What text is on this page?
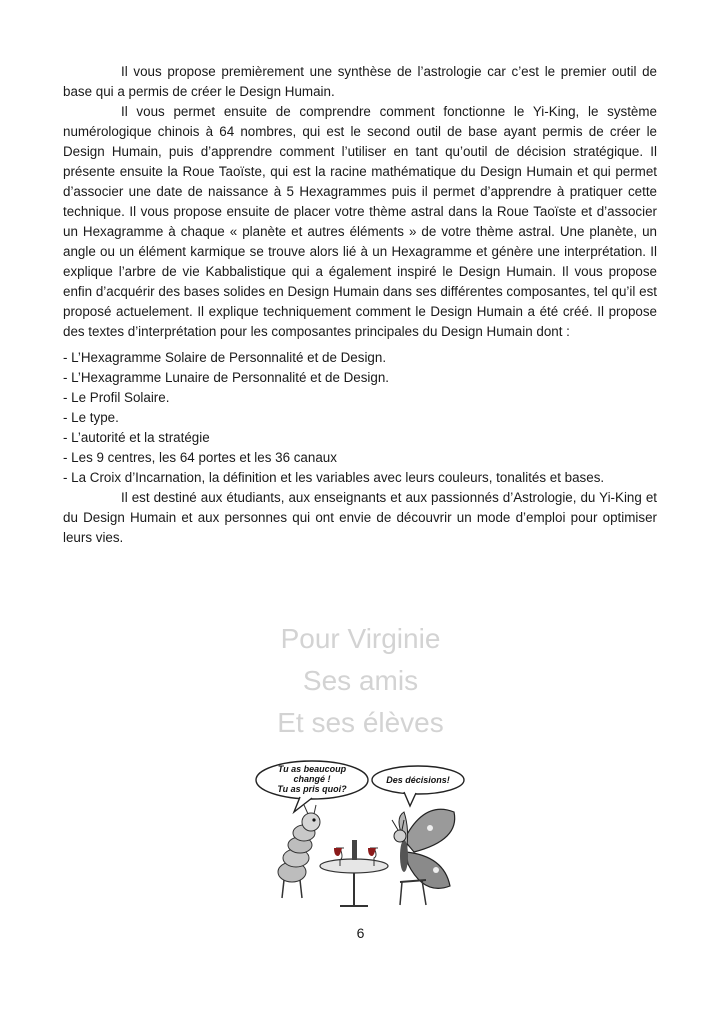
Il vous propose premièrement une synthèse de l’astrologie car c’est le premier outil de base qui a permis de créer le Design Humain.

Il vous permet ensuite de comprendre comment fonctionne le Yi-King, le système numérologique chinois à 64 nombres, qui est le second outil de base ayant permis de créer le Design Humain, puis d’apprendre comment l’utiliser en tant qu’outil de décision stratégique. Il présente ensuite la Roue Taoïste, qui est la racine mathématique du Design Humain et qui permet d’associer une date de naissance à 5 Hexagrammes puis il permet d’apprendre à pratiquer cette technique. Il vous propose ensuite de placer votre thème astral dans la Roue Taoïste et d’associer un Hexagramme à chaque « planète et autres éléments » de votre thème astral. Une planète, un angle ou un élément karmique se trouve alors lié à un Hexagramme et génère une interprétation. Il explique l’arbre de vie Kabbalistique qui a également inspiré le Design Humain. Il vous propose enfin d’acquérir des bases solides en Design Humain dans ses différentes composantes, tel qu’il est proposé actuelement. Il explique techniquement comment le Design Humain a été créé. Il propose des textes d’interprétation pour les composantes principales du Design Humain dont :

- L’Hexagramme Solaire de Personnalité et de Design.
- L’Hexagramme Lunaire de Personnalité et de Design.
- Le Profil Solaire.
- Le type.
- L’autorité et la stratégie
- Les 9 centres, les 64 portes et les 36 canaux
- La Croix d’Incarnation, la définition et les variables avec leurs couleurs, tonalités et bases.

Il est destiné aux étudiants, aux enseignants et aux passionnés d’Astrologie, du Yi-King et du Design Humain et aux personnes qui ont envie de découvrir un mode d’emploi pour optimiser leurs vies.

Pour Virginie
Ses amis
Et ses élèves
Tu as beaucoup
changé !
Tu as pris quoi?
Des décisions!
6
